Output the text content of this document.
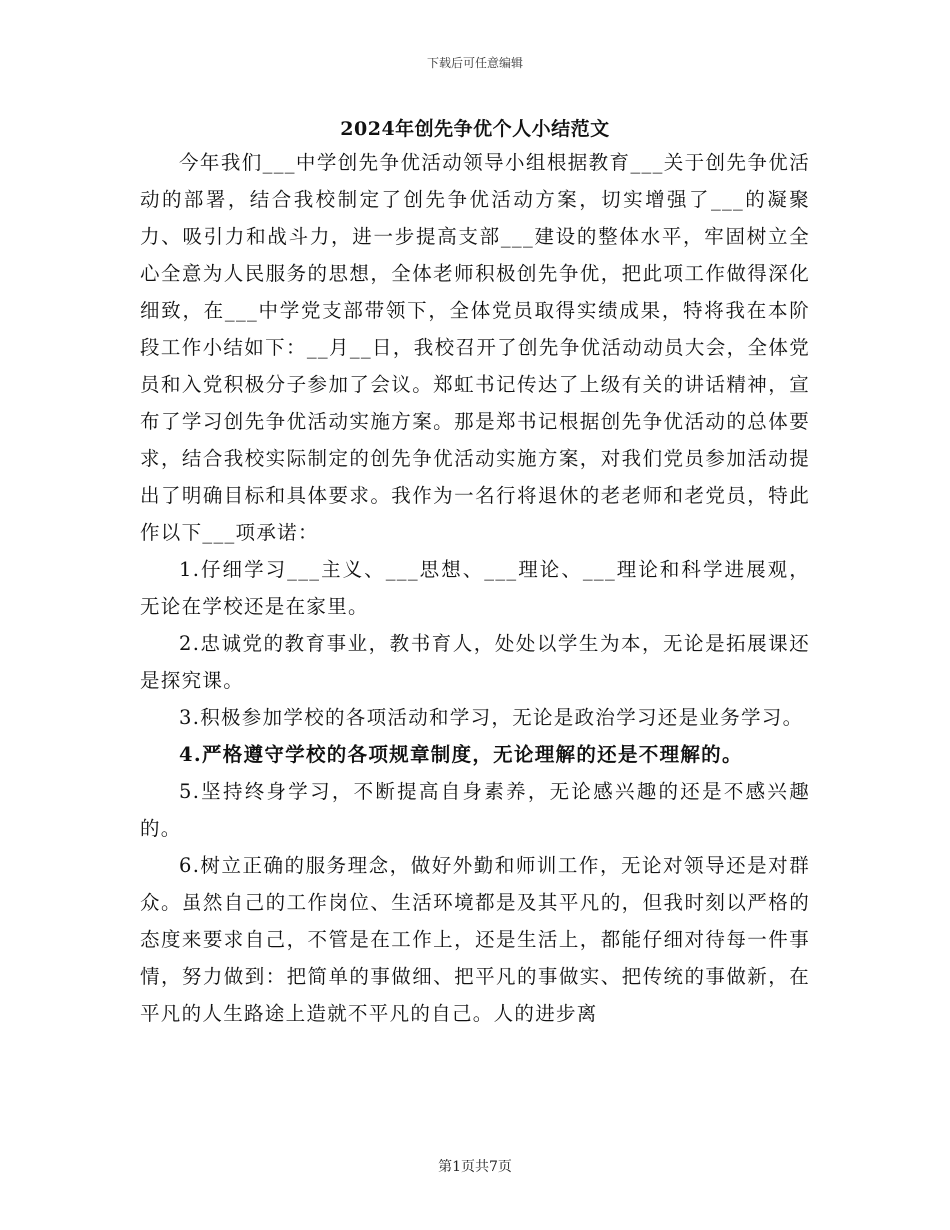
下载后可任意编辑
2024年创先争优个人小结范文

今年我们___中学创先争优活动领导小组根据教育___关于创先争优活动的部署，结合我校制定了创先争优活动方案，切实增强了___的凝聚力、吸引力和战斗力，进一步提高支部___建设的整体水平，牢固树立全心全意为人民服务的思想，全体老师积极创先争优，把此项工作做得深化细致，在___中学党支部带领下，全体党员取得实绩成果，特将我在本阶段工作小结如下：__月__日，我校召开了创先争优活动动员大会，全体党员和入党积极分子参加了会议。郑虹书记传达了上级有关的讲话精神，宣布了学习创先争优活动实施方案。那是郑书记根据创先争优活动的总体要求，结合我校实际制定的创先争优活动实施方案，对我们党员参加活动提出了明确目标和具体要求。我作为一名行将退休的老老师和老党员，特此作以下___项承诺：

1.仔细学习___主义、___思想、___理论、___理论和科学进展观，无论在学校还是在家里。

2.忠诚党的教育事业，教书育人，处处以学生为本，无论是拓展课还是探究课。

3.积极参加学校的各项活动和学习，无论是政治学习还是业务学习。

4.严格遵守学校的各项规章制度，无论理解的还是不理解的。

5.坚持终身学习，不断提高自身素养，无论感兴趣的还是不感兴趣的。

6.树立正确的服务理念，做好外勤和师训工作，无论对领导还是对群众。虽然自己的工作岗位、生活环境都是及其平凡的，但我时刻以严格的态度来要求自己，不管是在工作上，还是生活上，都能仔细对待每一件事情，努力做到：把简单的事做细、把平凡的事做实、把传统的事做新，在平凡的人生路途上造就不平凡的自己。人的进步离

第1页共7页
